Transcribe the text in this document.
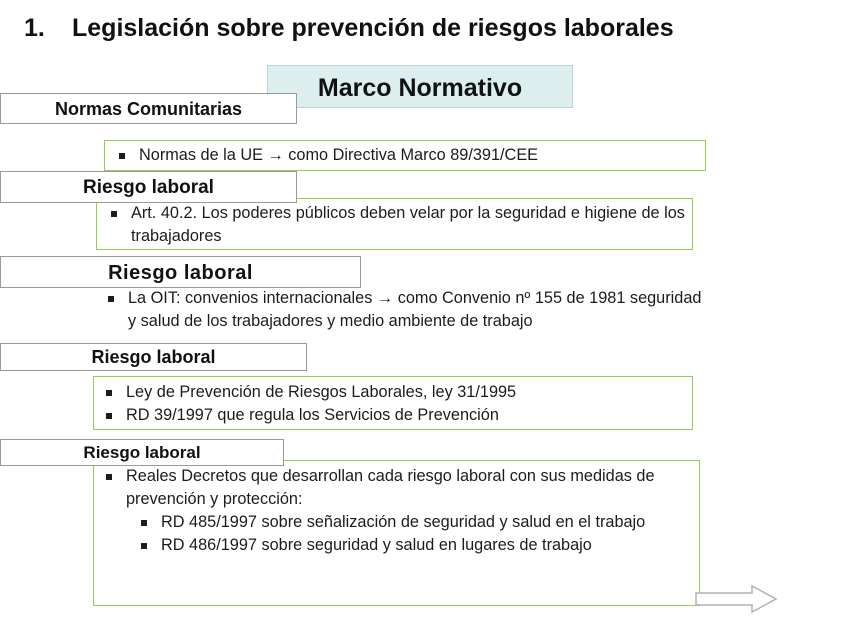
1. Legislación sobre prevención de riesgos laborales
Marco Normativo
Normas de la UE → como Directiva Marco 89/391/CEE
Normas Comunitarias
Art. 40.2. Los poderes públicos deben velar por la seguridad e higiene de los trabajadores
Riesgo laboral
Riesgo laboral
La OIT: convenios internacionales → como Convenio nº 155 de 1981 seguridad y salud de los trabajadores y medio ambiente de trabajo
Riesgo laboral
Ley de Prevención de Riesgos Laborales, ley 31/1995
RD 39/1997 que regula los Servicios de Prevención
Reales Decretos que desarrollan cada riesgo laboral con sus medidas de prevención y protección:
RD 485/1997 sobre señalización de seguridad y salud en el trabajo
RD 486/1997 sobre seguridad y salud en lugares de trabajo
Riesgo laboral
